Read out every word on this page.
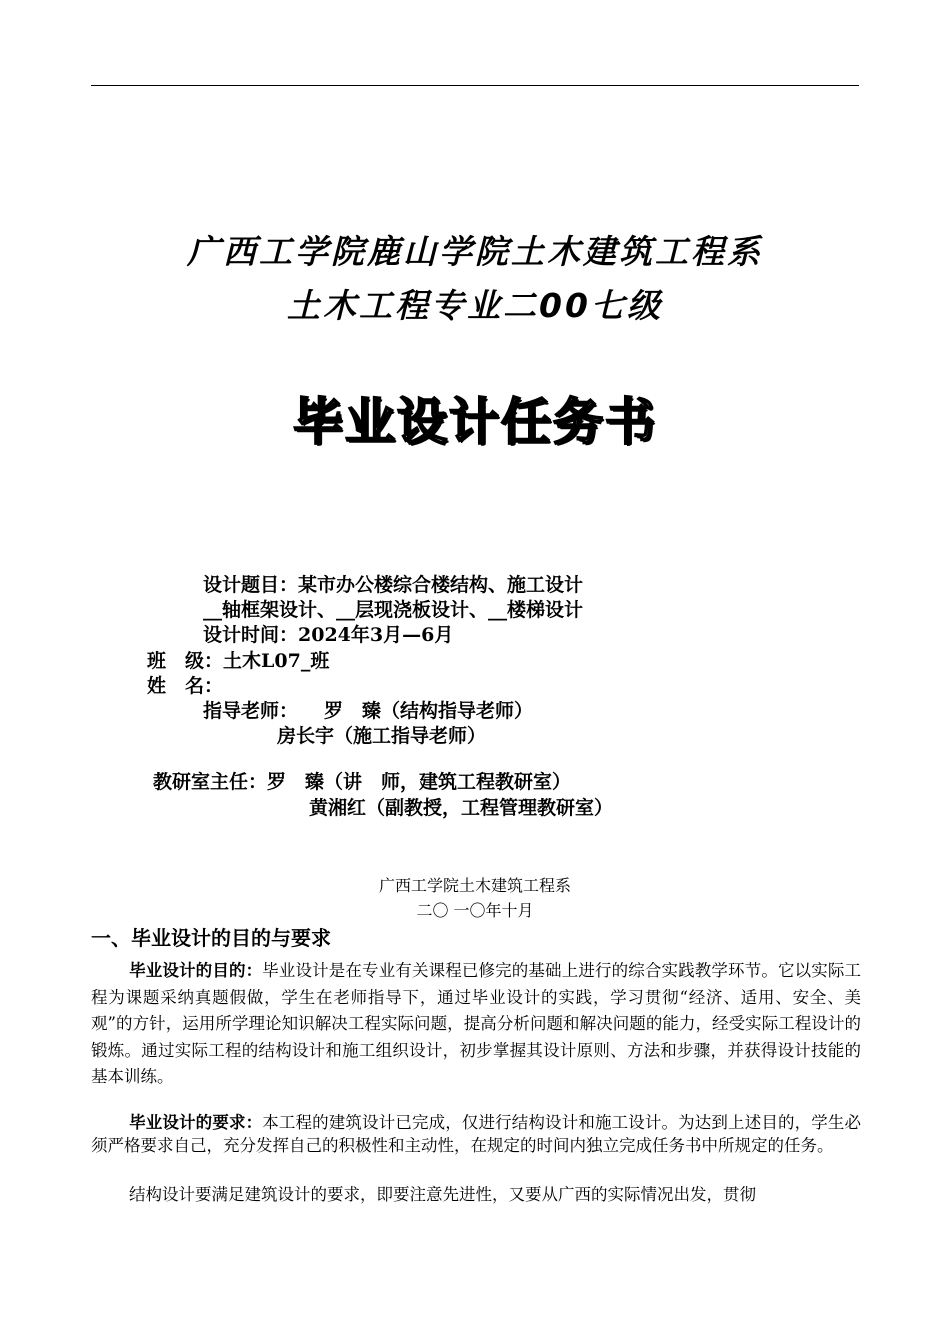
广西工学院鹿山学院土木建筑工程系
土木工程专业二00七级
毕业设计任务书
设计题目：某市办公楼综合楼结构、施工设计
__轴框架设计、__层现浇板设计、__楼梯设计
设计时间：2024年3月—6月
班　级：土木L07_班
姓　名：
指导老师： 罗　臻（结构指导老师）
房长宇（施工指导老师）
教研室主任：罗　臻（讲　师，建筑工程教研室）
黄湘红（副教授，工程管理教研室）
广西工学院土木建筑工程系
二〇 一〇年十月
一、毕业设计的目的与要求
毕业设计的目的：毕业设计是在专业有关课程已修完的基础上进行的综合实践教学环节。它以实际工程为课题采纳真题假做，学生在老师指导下，通过毕业设计的实践，学习贯彻“经济、适用、安全、美观”的方针，运用所学理论知识解决工程实际问题，提高分析问题和解决问题的能力，经受实际工程设计的锻炼。通过实际工程的结构设计和施工组织设计，初步掌握其设计原则、方法和步骤，并获得设计技能的基本训练。
毕业设计的要求：本工程的建筑设计已完成，仅进行结构设计和施工设计。为达到上述目的，学生必须严格要求自己，充分发挥自己的积极性和主动性，在规定的时间内独立完成任务书中所规定的任务。
结构设计要满足建筑设计的要求，即要注意先进性，又要从广西的实际情况出发，贯彻
